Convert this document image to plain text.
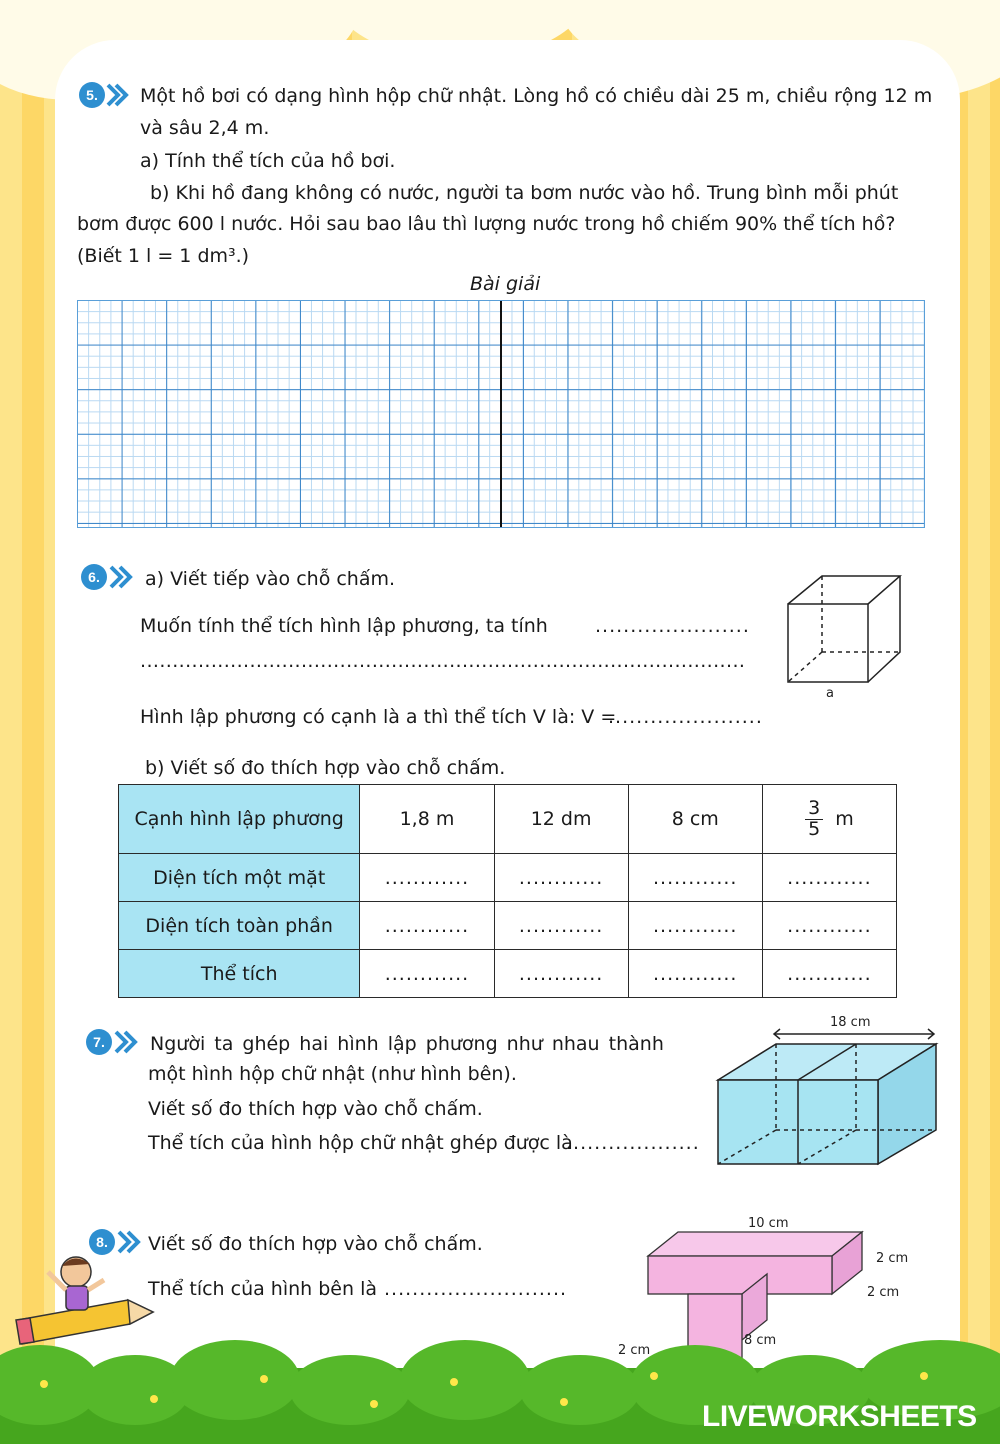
5. Một hồ bơi có dạng hình hộp chữ nhật. Lòng hồ có chiều dài 25 m, chiều rộng 12 m
và sâu 2,4 m.
a) Tính thể tích của hồ bơi.
b) Khi hồ đang không có nước, người ta bơm nước vào hồ. Trung bình mỗi phút
bơm được 600 l nước. Hỏi sau bao lâu thì lượng nước trong hồ chiếm 90% thể tích hồ?
(Biết 1 l = 1 dm³.)
Bài giải
6. a) Viết tiếp vào chỗ chấm.
Muốn tính thể tích hình lập phương, ta tính ......................
..............................................................................................
Hình lập phương có cạnh là a thì thể tích V là: V =
......................
a
b) Viết số đo thích hợp vào chỗ chấm.
Cạnh hình lập phương	1,8 m	12 dm	8 cm	$\frac{3}{5}$ m
Diện tích một mặt	............	............	............	............
Diện tích toàn phần	............	............	............	............
Thể tích	............	............	............	............
7. Người ta ghép hai hình lập phương như nhau thành
một hình hộp chữ nhật (như hình bên).
Viết số đo thích hợp vào chỗ chấm.
Thể tích của hình hộp chữ nhật ghép được là
...................
18 cm
8. Viết số đo thích hợp vào chỗ chấm.
Thể tích của hình bên là ..........................
10 cm
2 cm
2 cm
8 cm
2 cm
LIVEWORKSHEETS
